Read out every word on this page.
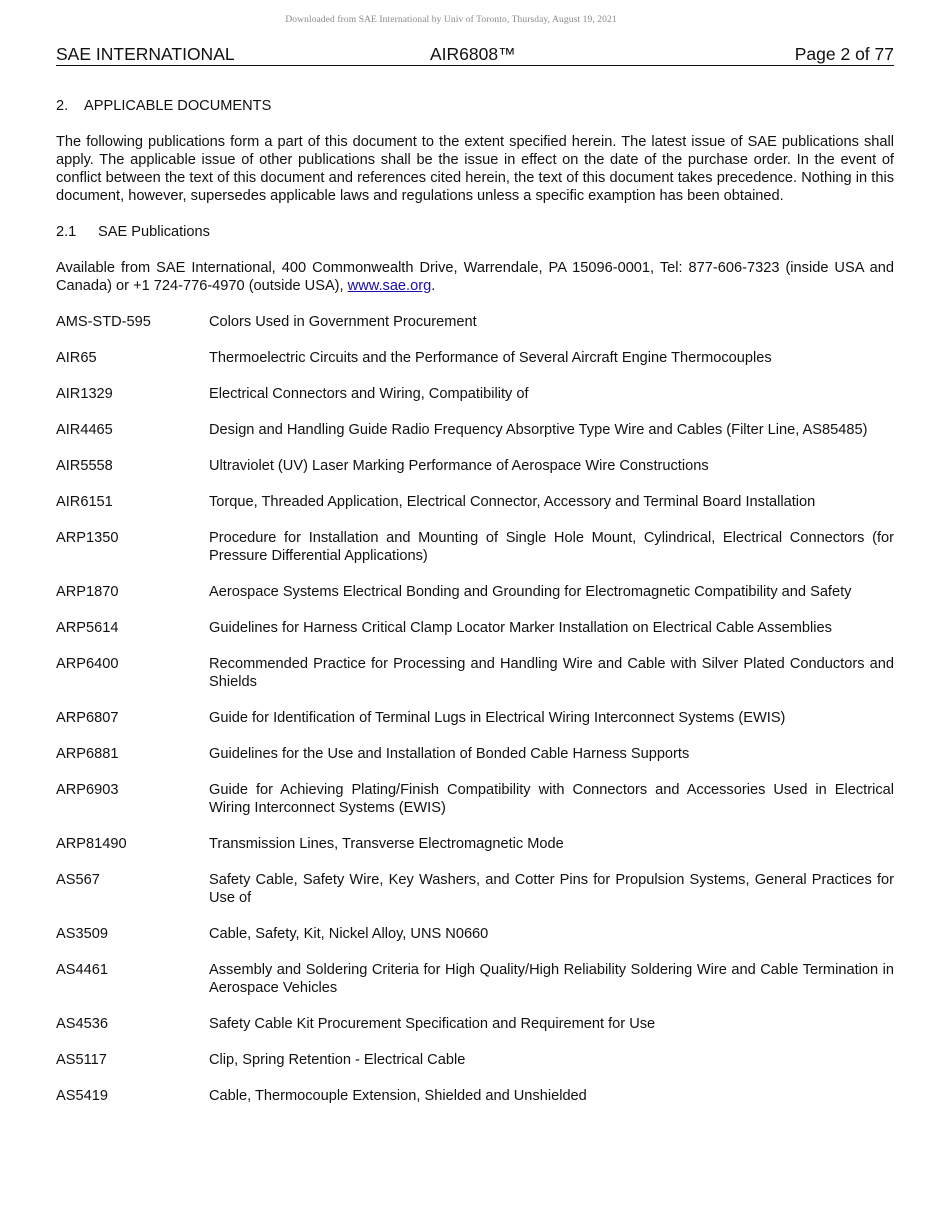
Downloaded from SAE International by Univ of Toronto, Thursday, August 19, 2021
SAE INTERNATIONAL	AIR6808™	Page 2 of 77

2. APPLICABLE DOCUMENTS

The following publications form a part of this document to the extent specified herein. The latest issue of SAE publications shall apply. The applicable issue of other publications shall be the issue in effect on the date of the purchase order. In the event of conflict between the text of this document and references cited herein, the text of this document takes precedence. Nothing in this document, however, supersedes applicable laws and regulations unless a specific examption has been obtained.

2.1 SAE Publications

Available from SAE International, 400 Commonwealth Drive, Warrendale, PA 15096-0001, Tel: 877-606-7323 (inside USA and Canada) or +1 724-776-4970 (outside USA), www.sae.org.

AMS-STD-595	Colors Used in Government Procurement
AIR65	Thermoelectric Circuits and the Performance of Several Aircraft Engine Thermocouples
AIR1329	Electrical Connectors and Wiring, Compatibility of
AIR4465	Design and Handling Guide Radio Frequency Absorptive Type Wire and Cables (Filter Line, AS85485)
AIR5558	Ultraviolet (UV) Laser Marking Performance of Aerospace Wire Constructions
AIR6151	Torque, Threaded Application, Electrical Connector, Accessory and Terminal Board Installation
ARP1350	Procedure for Installation and Mounting of Single Hole Mount, Cylindrical, Electrical Connectors (for Pressure Differential Applications)
ARP1870	Aerospace Systems Electrical Bonding and Grounding for Electromagnetic Compatibility and Safety
ARP5614	Guidelines for Harness Critical Clamp Locator Marker Installation on Electrical Cable Assemblies
ARP6400	Recommended Practice for Processing and Handling Wire and Cable with Silver Plated Conductors and Shields
ARP6807	Guide for Identification of Terminal Lugs in Electrical Wiring Interconnect Systems (EWIS)
ARP6881	Guidelines for the Use and Installation of Bonded Cable Harness Supports
ARP6903	Guide for Achieving Plating/Finish Compatibility with Connectors and Accessories Used in Electrical Wiring Interconnect Systems (EWIS)
ARP81490	Transmission Lines, Transverse Electromagnetic Mode
AS567	Safety Cable, Safety Wire, Key Washers, and Cotter Pins for Propulsion Systems, General Practices for Use of
AS3509	Cable, Safety, Kit, Nickel Alloy, UNS N0660
AS4461	Assembly and Soldering Criteria for High Quality/High Reliability Soldering Wire and Cable Termination in Aerospace Vehicles
AS4536	Safety Cable Kit Procurement Specification and Requirement for Use
AS5117	Clip, Spring Retention - Electrical Cable
AS5419	Cable, Thermocouple Extension, Shielded and Unshielded
